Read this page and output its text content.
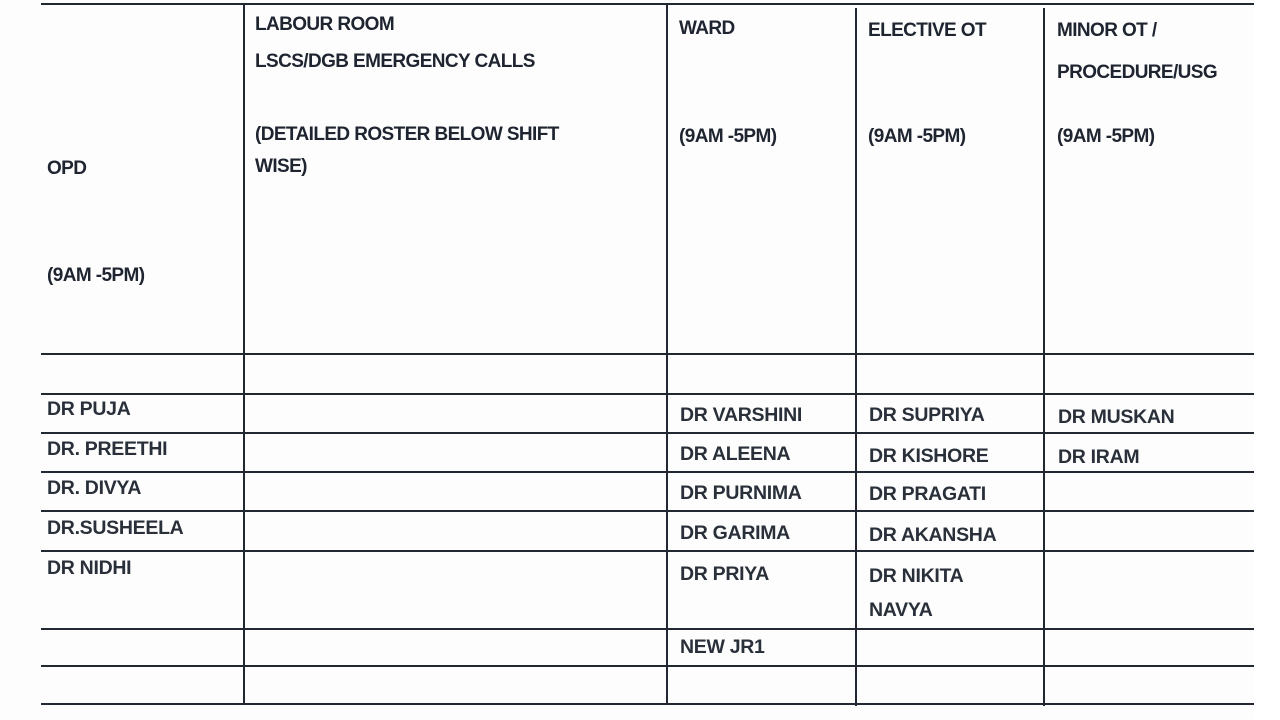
OPD
(9AM -5PM)
LABOUR ROOM
LSCS/DGB EMERGENCY CALLS
(DETAILED ROSTER BELOW SHIFT
WISE)
WARD
(9AM -5PM)
ELECTIVE OT
(9AM -5PM)
MINOR OT /
PROCEDURE/USG
(9AM -5PM)
DR PUJA
DR. PREETHI
DR. DIVYA
DR.SUSHEELA
DR NIDHI
DR VARSHINI
DR ALEENA
DR PURNIMA
DR GARIMA
DR PRIYA
NEW JR1
DR SUPRIYA
DR KISHORE
DR PRAGATI
DR AKANSHA
DR NIKITA
NAVYA
DR MUSKAN
DR IRAM
